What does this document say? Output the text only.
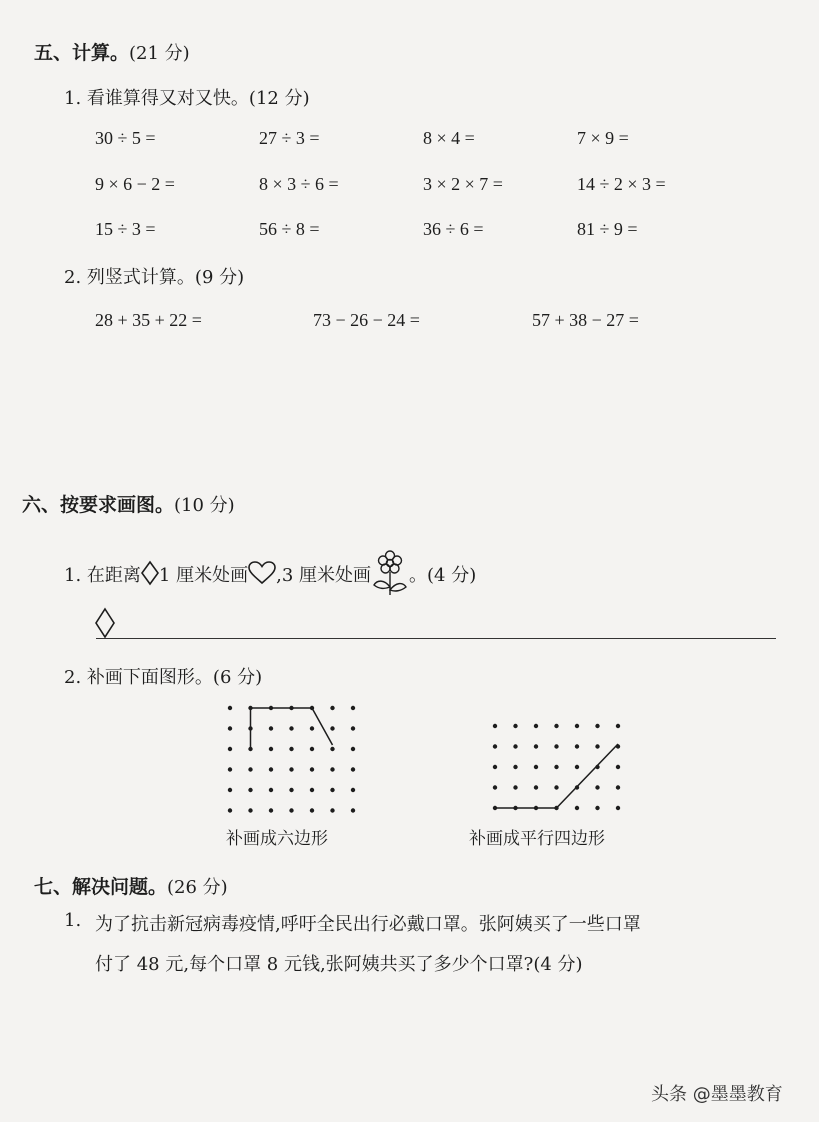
五、计算。(21 分)
1. 看谁算得又对又快。(12 分)
30 ÷ 5 =	27 ÷ 3 =	8 × 4 =	7 × 9 =
9 × 6 − 2 =	8 × 3 ÷ 6 =	3 × 2 × 7 =	14 ÷ 2 × 3 =
15 ÷ 3 =	56 ÷ 8 =	36 ÷ 6 =	81 ÷ 9 =
2. 列竖式计算。(9 分)
28 + 35 + 22 =	73 − 26 − 24 =	57 + 38 − 27 =
六、按要求画图。(10 分)
1. 在距离 1 厘米处画 ,3 厘米处画 。(4 分)
2. 补画下面图形。(6 分)
补画成六边形	补画成平行四边形
七、解决问题。(26 分)
1. 为了抗击新冠病毒疫情,呼吁全民出行必戴口罩。张阿姨买了一些口罩
付了 48 元,每个口罩 8 元钱,张阿姨共买了多少个口罩?(4 分)
头条 @墨墨教育
